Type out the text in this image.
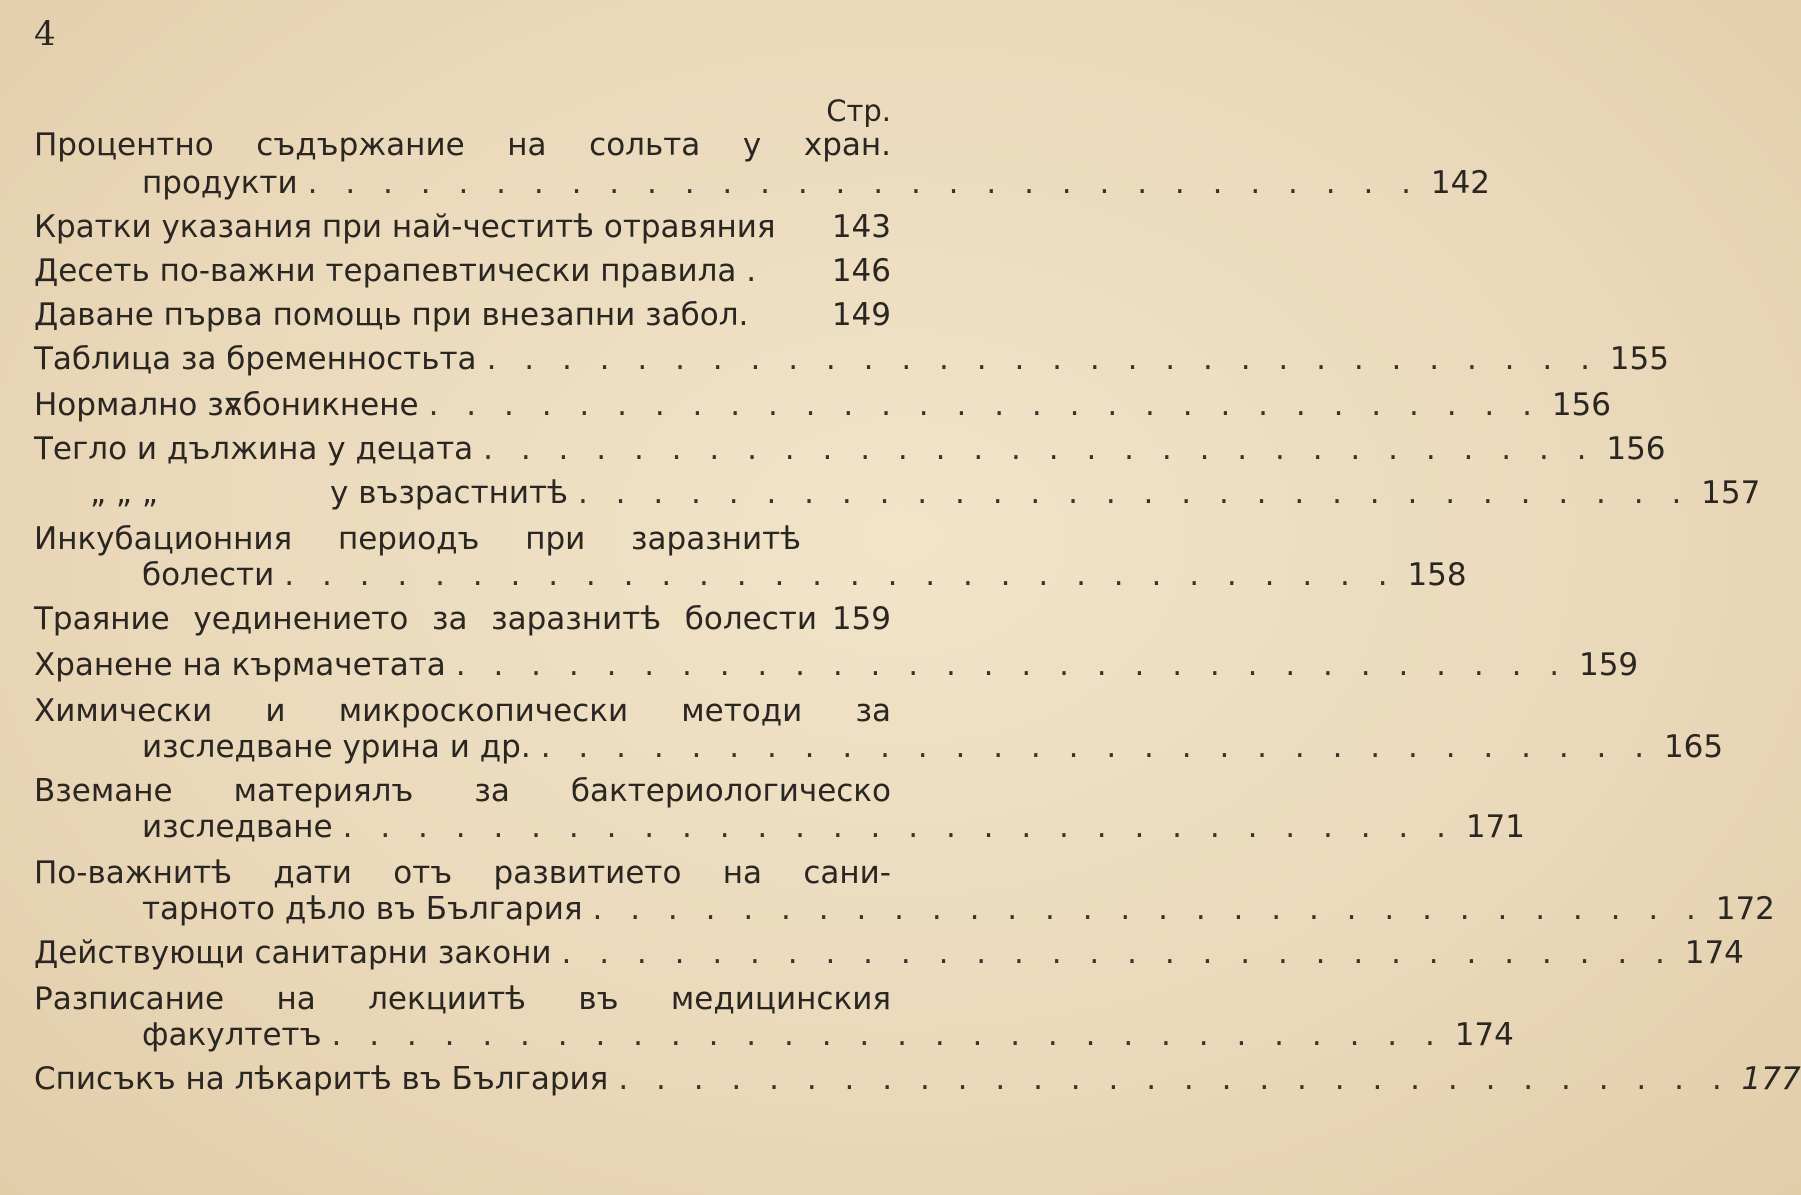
4
Стр.
Процентно съдържание на сольта у хран.
продукти . . . . . . . . . . . . . . . . . . . . . . . . . . . . . . 142
Кратки указания при най-честитѣ отравяния 143
Десеть по-важни терапевтически правила . 146
Даване първа помощь при внезапни забол.	149
Таблица за бременностьта . . . . . . . . . . . . . . . . . . . . . . . . . . . . . . 155
Нормално зѫбоникнене . . . . . . . . . . . . . . . . . . . . . . . . . . . . . . 156
Тегло и дължина у децата . . . . . . . . . . . . . . . . . . . . . . . . . . . . . . 156
„ „ „	у възрастнитѣ . . . . . . . . . . . . . . . . . . . . . . . . . . . . . . 157
Инкубационния периодъ при заразнитѣ
болести . . . . . . . . . . . . . . . . . . . . . . . . . . . . . . 158
Траяние уединението за заразнитѣ болести 159
Хранене на кърмачетата . . . . . . . . . . . . . . . . . . . . . . . . . . . . . . 159
Химически и микроскопически методи за
изследване урина и др. . . . . . . . . . . . . . . . . . . . . . . . . . . . . . . 165
Вземане материялъ за бактериологическо
изследване . . . . . . . . . . . . . . . . . . . . . . . . . . . . . . 171
По-важнитѣ дати отъ развитието на сани-
тарното дѣло въ България . . . . . . . . . . . . . . . . . . . . . . . . . . . . . . 172
Действующи санитарни закони . . . . . . . . . . . . . . . . . . . . . . . . . . . . . . 174
Разписание на лекциитѣ въ медицинския
факултетъ . . . . . . . . . . . . . . . . . . . . . . . . . . . . . . 174
Списъкъ на лѣкаритѣ въ България . . . . . . . . . . . . . . . . . . . . . . . . . . . . . . 177
